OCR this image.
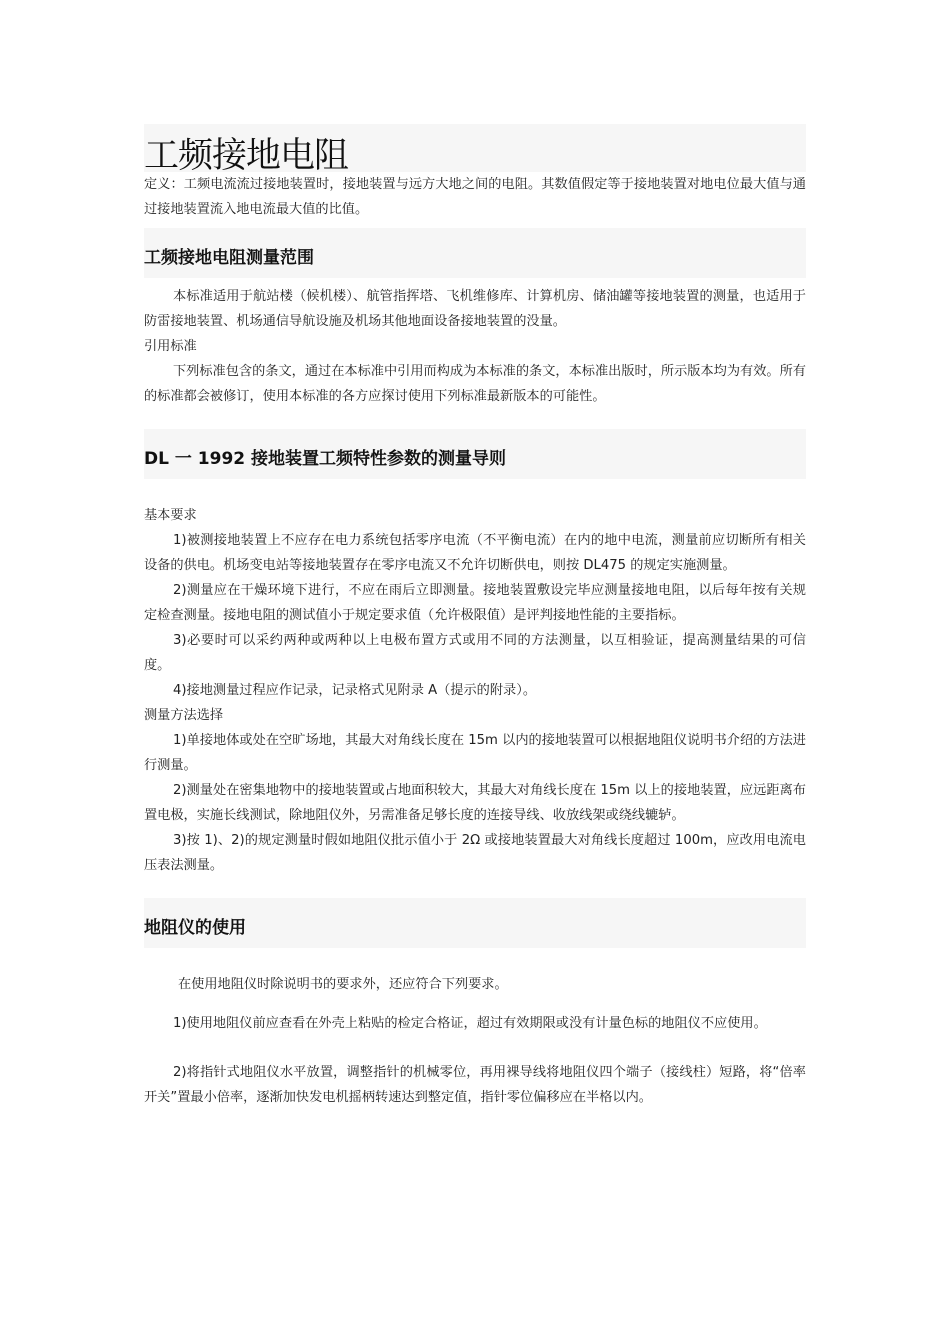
工频接地电阻

定义：工频电流流过接地装置时，接地装置与远方大地之间的电阻。其数值假定等于接地装置对地电位最大值与通过接地装置流入地电流最大值的比值。

工频接地电阻测量范围

本标准适用于航站楼（候机楼）、航管指挥塔、飞机维修库、计算机房、储油罐等接地装置的测量，也适用于防雷接地装置、机场通信导航设施及机场其他地面设备接地装置的没量。

引用标准

下列标准包含的条文，通过在本标准中引用而构成为本标准的条文，本标准出版时，所示版本均为有效。所有的标准都会被修订，使用本标准的各方应探讨使用下列标准最新版本的可能性。

DL 一 1992 接地装置工频特性参数的测量导则

基本要求

1)被测接地装置上不应存在电力系统包括零序电流（不平衡电流）在内的地中电流，测量前应切断所有相关设备的供电。机场变电站等接地装置存在零序电流又不允许切断供电，则按 DL475 的规定实施测量。

2)测量应在干燥环境下进行，不应在雨后立即测量。接地装置敷设完毕应测量接地电阻，以后每年按有关规定检查测量。接地电阻的测试值小于规定要求值（允许极限值）是评判接地性能的主要指标。

3)必要时可以采约两种或两种以上电极布置方式或用不同的方法测量，以互相验证，提高测量结果的可信度。

4)接地测量过程应作记录，记录格式见附录 A（提示的附录）。

测量方法选择

1)单接地体或处在空旷场地，其最大对角线长度在 15m 以内的接地装置可以根据地阻仪说明书介绍的方法进行测量。

2)测量处在密集地物中的接地装置或占地面积较大，其最大对角线长度在 15m 以上的接地装置，应远距离布置电极，实施长线测试，除地阻仪外，另需准备足够长度的连接导线、收放线架或绕线辘轳。

3)按 1)、2)的规定测量时假如地阻仪批示值小于 2Ω 或接地装置最大对角线长度超过 100m，应改用电流电压表法测量。

地阻仪的使用

在使用地阻仪时除说明书的要求外，还应符合下列要求。

1)使用地阻仪前应查看在外壳上粘贴的检定合格证，超过有效期限或没有计量色标的地阻仪不应使用。

2)将指针式地阻仪水平放置，调整指针的机械零位，再用裸导线将地阻仪四个端子（接线柱）短路，将“倍率开关”置最小倍率，逐渐加快发电机摇柄转速达到整定值，指针零位偏移应在半格以内。
